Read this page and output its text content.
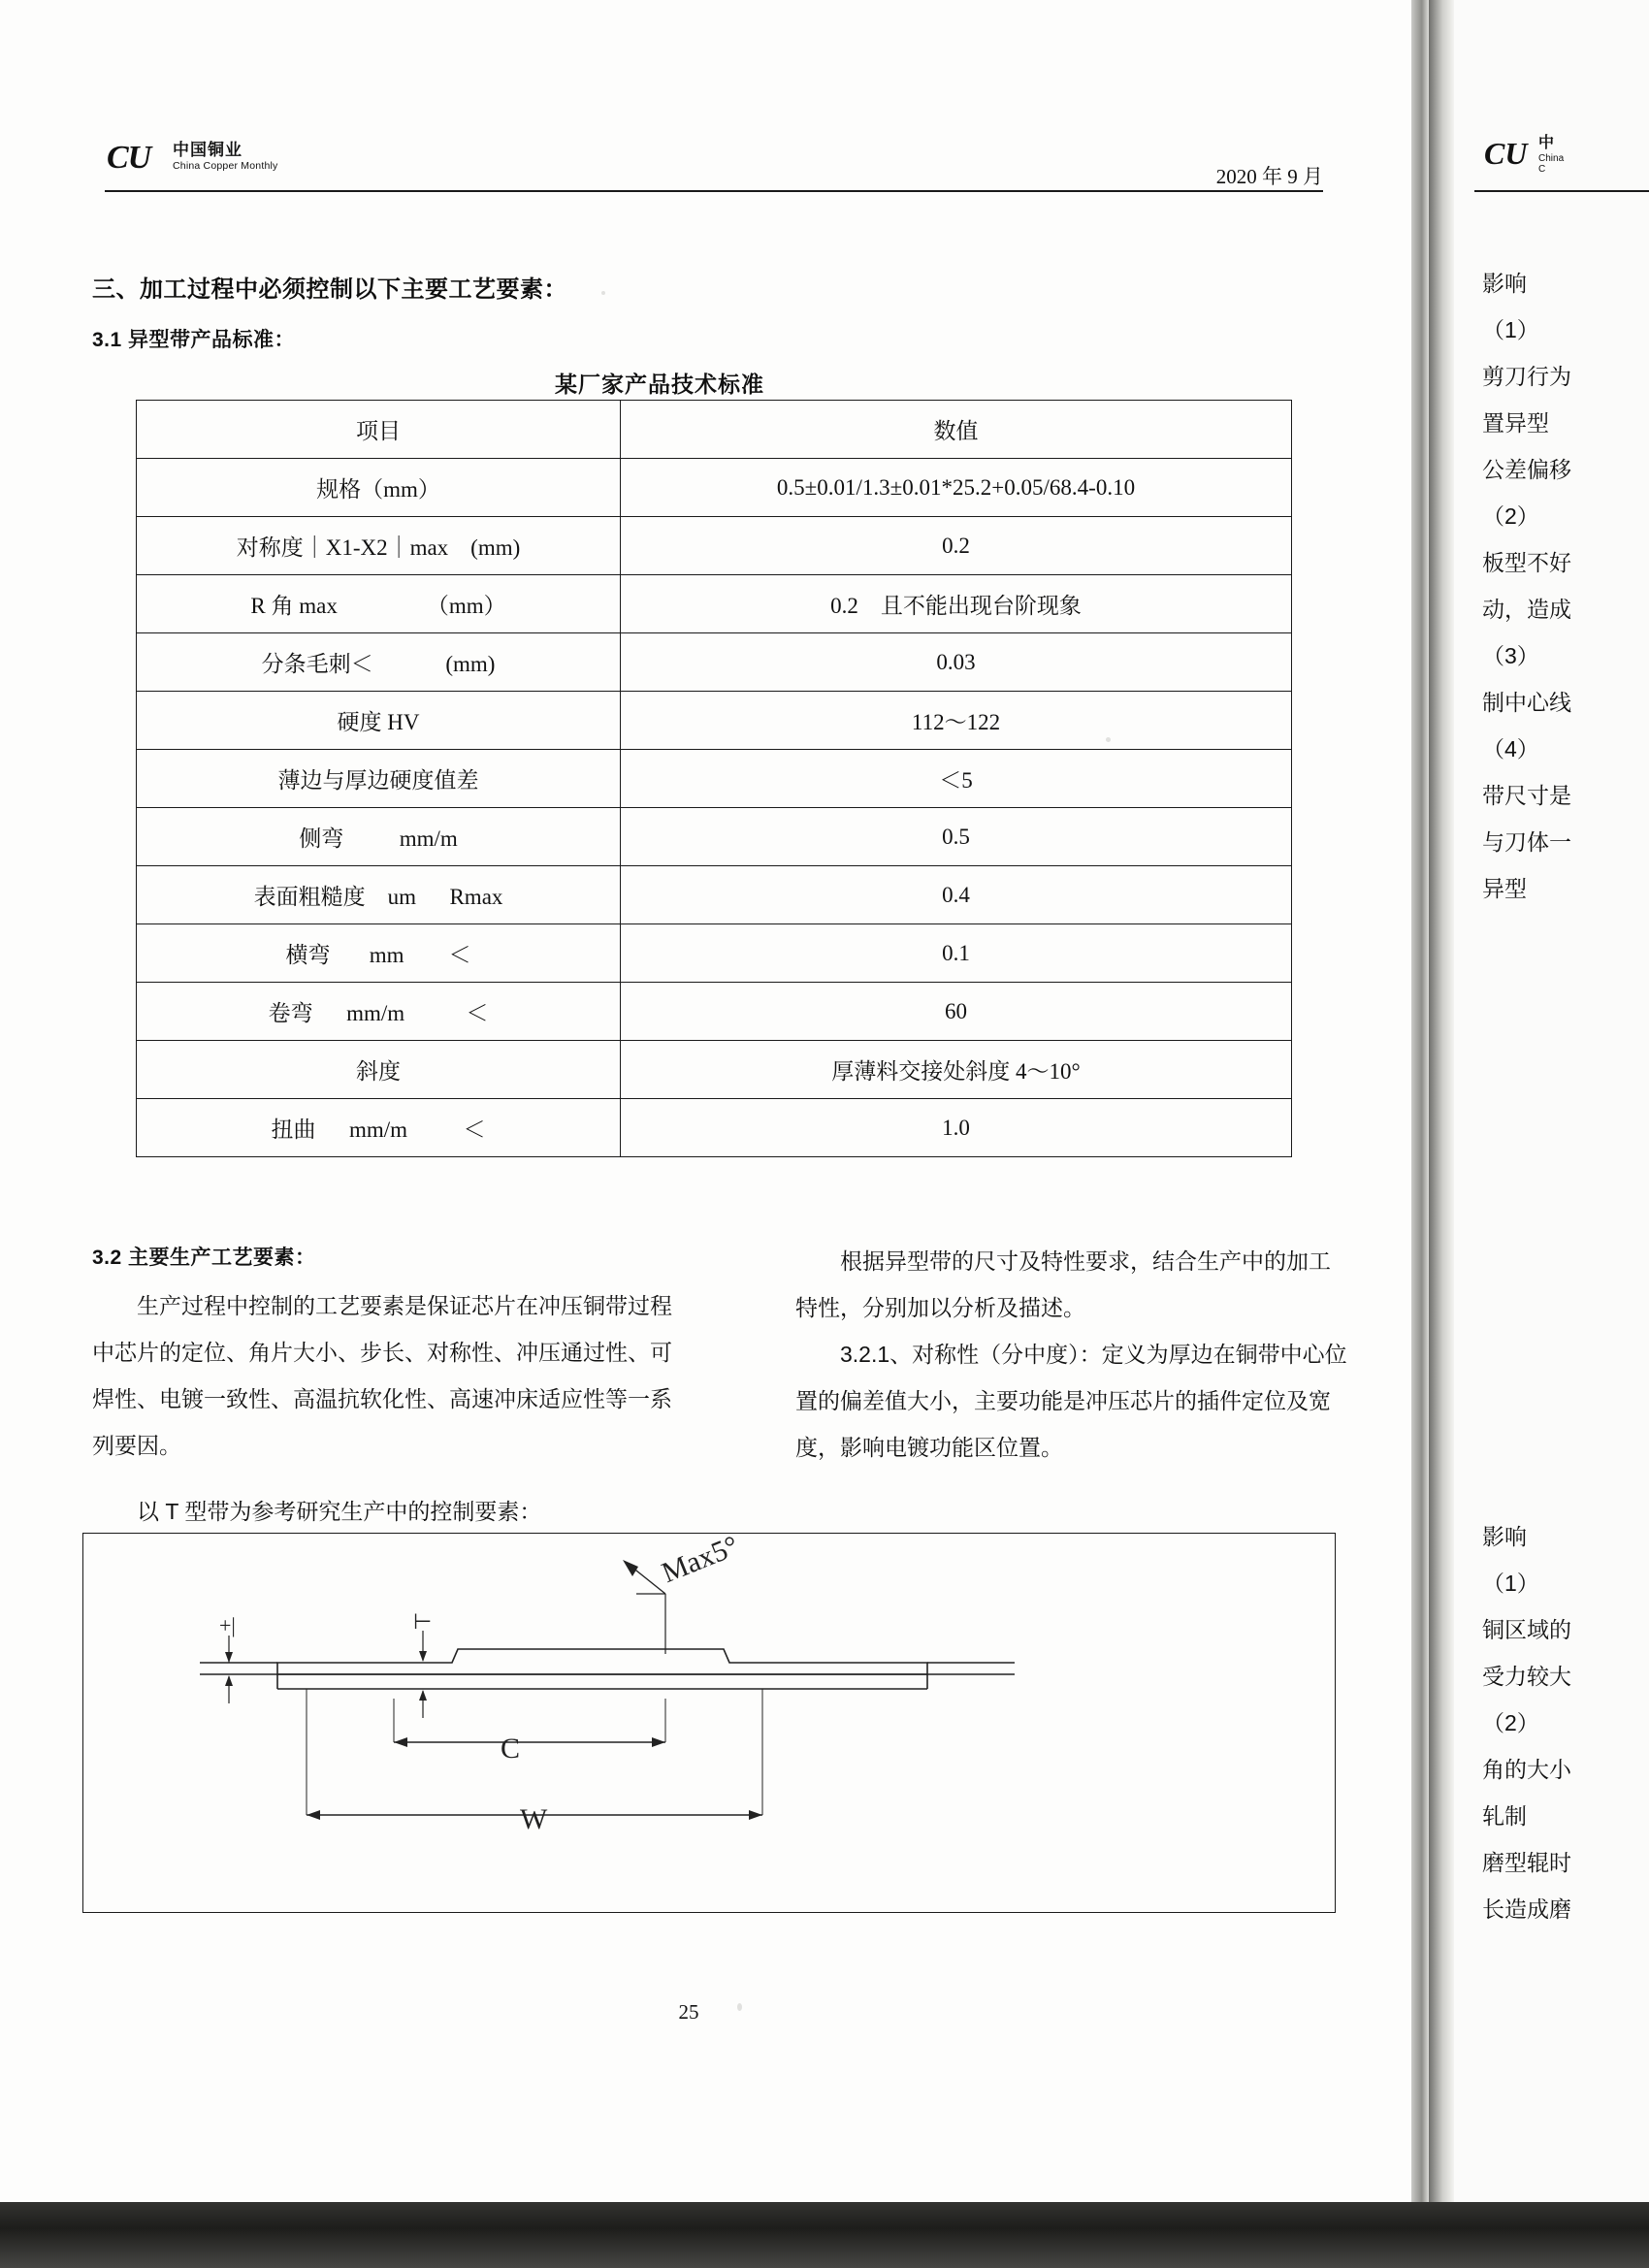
CU 中国铜业
China Copper Monthly	2020 年 9 月
三、加工过程中必须控制以下主要工艺要素：
3.1 异型带产品标准：
某厂家产品技术标准
项目	数值

规格（mm）	0.5±0.01/1.3±0.01*25.2+0.05/68.4-0.10

对称度｜X1-X2｜max    (mm)	0.2

R 角 max                （mm）	0.2    且不能出现台阶现象

分条毛刺＜             (mm)	0.03

硬度 HV	112～122

薄边与厚边硬度值差	＜5

侧弯          mm/m	0.5

表面粗糙度    um      Rmax	0.4

横弯       mm        ＜	0.1

卷弯      mm/m           ＜	60

斜度	厚薄料交接处斜度 4～10°

扭曲      mm/m          ＜	1.0
3.2 主要生产工艺要素：
生产过程中控制的工艺要素是保证芯片在冲压铜带过程中芯片的定位、角片大小、步长、对称性、冲压通过性、可焊性、电镀一致性、高温抗软化性、高速冲床适应性等一系列要因。
根据异型带的尺寸及特性要求，结合生产中的加工特性，分别加以分析及描述。
3.2.1、对称性（分中度）：定义为厚边在铜带中心位置的偏差值大小，主要功能是冲压芯片的插件定位及宽度，影响电镀功能区位置。
以 T 型带为参考研究生产中的控制要素：
C
W
Max5°
+|	⊢
25
CU 中
China C
影响
（1）
剪刀行为
置异型
公差偏移
（2）
板型不好
动，造成
（3）
制中心线
（4）
带尺寸是
与刀体一
异型
影响
（1）
铜区域的
受力较大
（2）
角的大小
轧制
磨型辊时
长造成磨
